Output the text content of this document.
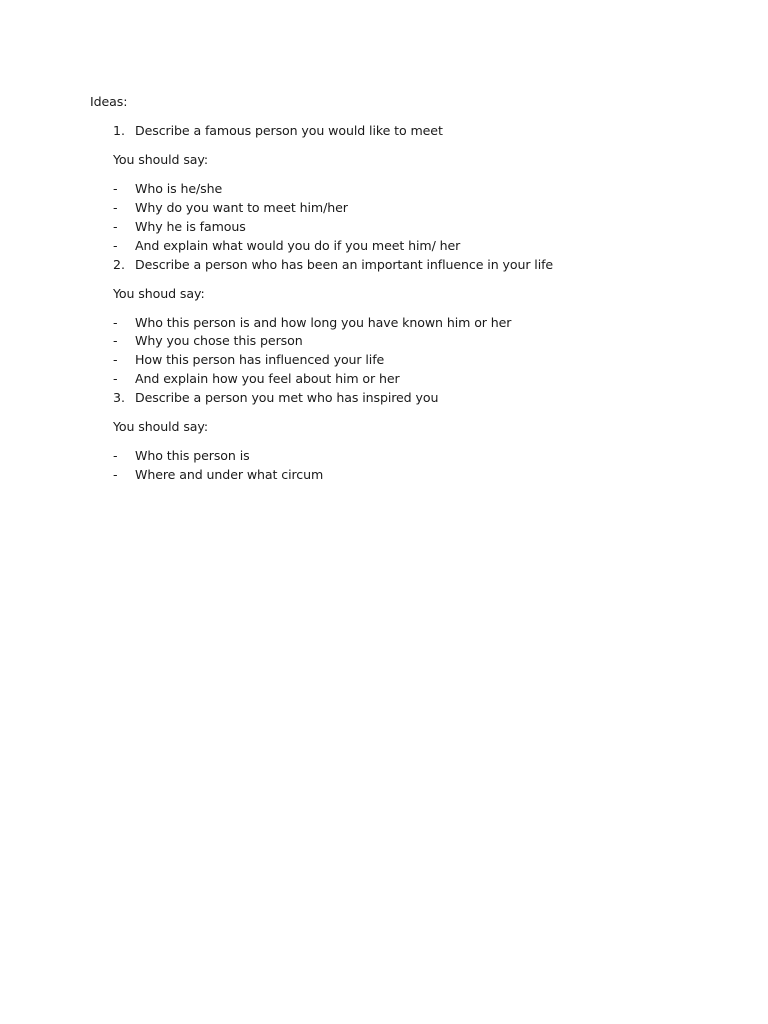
Ideas:
1. Describe a famous person you would like to meet
You should say:
- Who is he/she
- Why do you want to meet him/her
- Why he is famous
- And explain what would you do if you meet him/ her
2. Describe a person who has been an important influence in your life
You shoud say:
- Who this person is and how long you have known him or her
- Why you chose this person
- How this person has influenced your life
- And explain how you feel about him or her
3. Describe a person you met who has inspired you
You should say:
- Who this person is
- Where and under what circum
